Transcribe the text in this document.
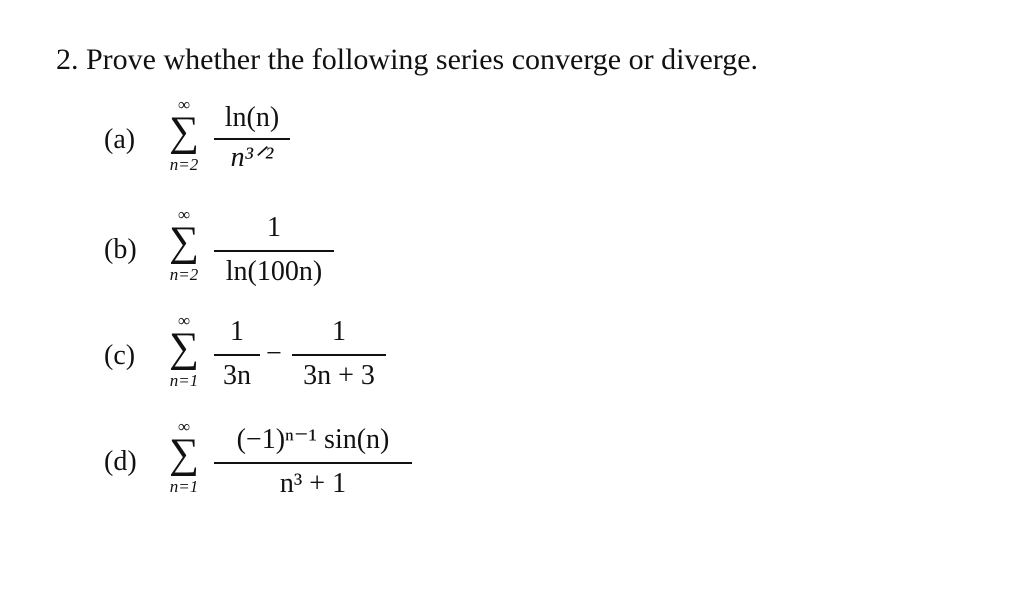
2. Prove whether the following series converge or diverge.
(a)
∞
∑
n=2
ln(n)
n³ᐟ²
(b)
∞
∑
n=2
1
ln(100n)
(c)
∞
∑
n=1
1
3n
−
1
3n + 3
(d)
∞
∑
n=1
(−1)ⁿ⁻¹ sin(n)
n³ + 1
